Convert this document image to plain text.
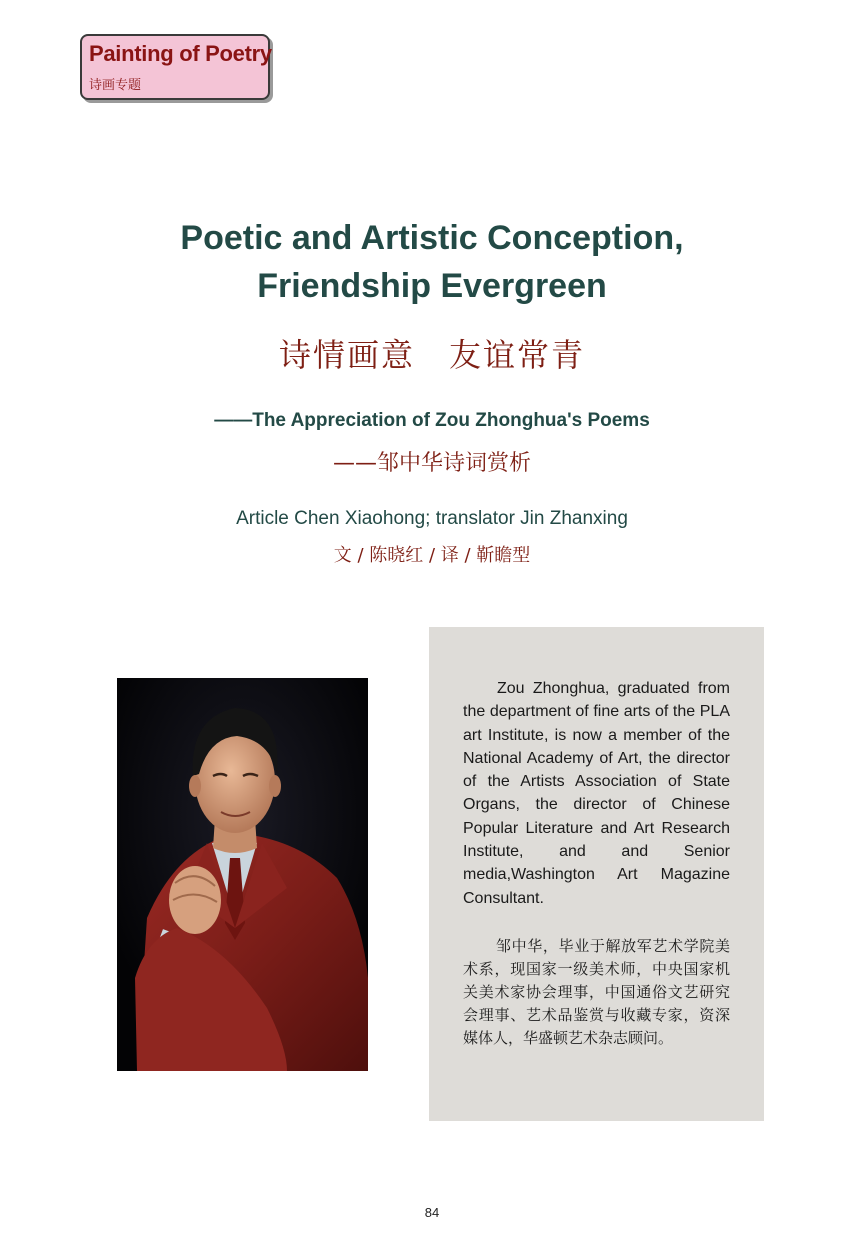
Painting of Poetry
诗画专题
Poetic and Artistic Conception,
Friendship Evergreen
诗情画意　友谊常青
——The Appreciation of Zou Zhonghua's Poems
——邹中华诗词赏析
Article Chen Xiaohong; translator Jin Zhanxing
文 / 陈晓红 / 译 / 靳瞻型

Zou Zhonghua, graduated from the department of fine arts of the PLA art Institute, is now a member of the National Academy of Art, the director of the Artists Association of State Organs, the director of Chinese Popular Literature and Art Research Institute, and and Senior media,Washington Art Magazine Consultant.

邹中华，毕业于解放军艺术学院美术系，现国家一级美术师，中央国家机关美术家协会理事，中国通俗文艺研究会理事、艺术品鉴赏与收藏专家，资深媒体人，华盛顿艺术杂志顾问。

84
